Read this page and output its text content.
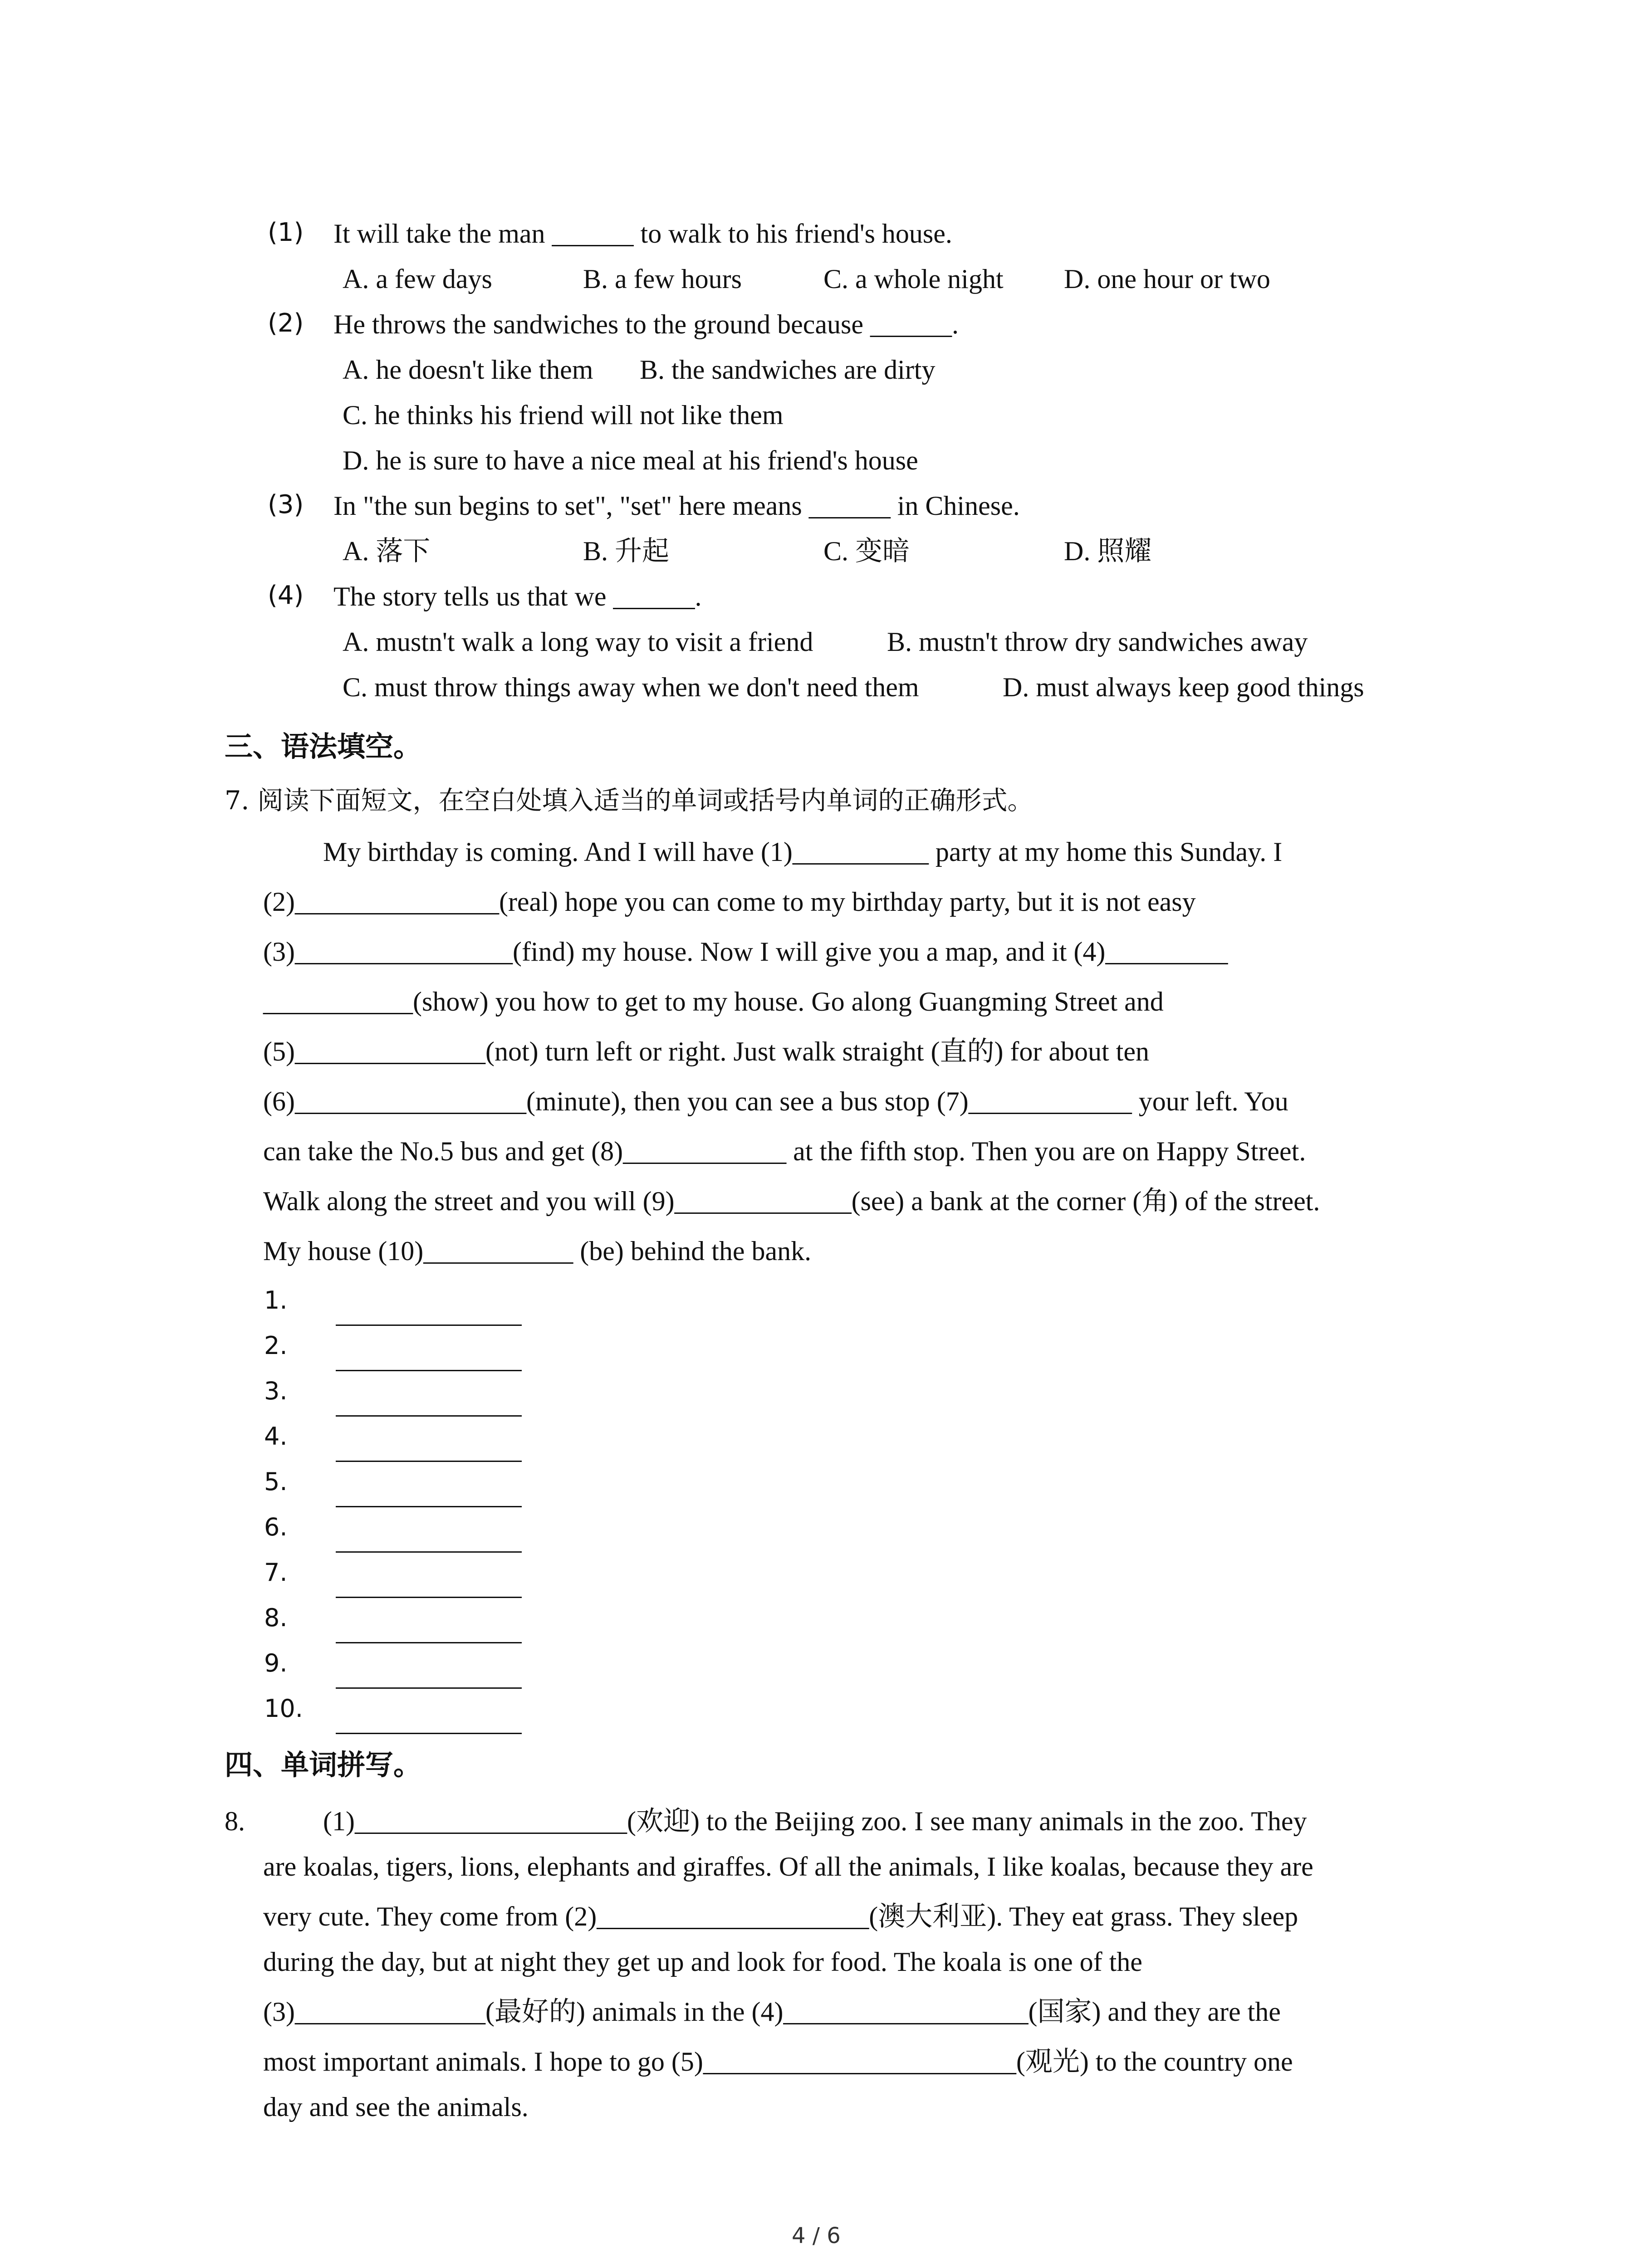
(1) It will take the man ______ to walk to his friend's house.
A. a few days	B. a few hours	C. a whole night D. one hour or two
(2) He throws the sandwiches to the ground because ______.
A. he doesn't like them B. the sandwiches are dirty
C. he thinks his friend will not like them
D. he is sure to have a nice meal at his friend's house
(3) In "the sun begins to set", "set" here means ______ in Chinese.
A. 落下	B. 升起	C. 变暗	D. 照耀
(4) The story tells us that we ______.
A. mustn't walk a long way to visit a friend	B. mustn't throw dry sandwiches away
C. must throw things away when we don't need them	D. must always keep good things
三、语法填空。
7. 阅读下面短文，在空白处填入适当的单词或括号内单词的正确形式。
My birthday is coming. And I will have (1)__________ party at my home this Sunday. I
(2)_______________(real) hope you can come to my birthday party, but it is not easy
(3)________________(find) my house. Now I will give you a map, and it (4)_________
___________(show) you how to get to my house. Go along Guangming Street and
(5)______________(not) turn left or right. Just walk straight (直的) for about ten
(6)_________________(minute), then you can see a bus stop (7)____________ your left. You
can take the No.5 bus and get (8)____________ at the fifth stop. Then you are on Happy Street.
Walk along the street and you will (9)_____________(see) a bank at the corner (角) of the street.
My house (10)___________ (be) behind the bank.
1.
2.
3.
4.
5.
6.
7.
8.
9.
10.
四、单词拼写。
8.	(1)____________________(欢迎) to the Beijing zoo. I see many animals in the zoo. They
are koalas, tigers, lions, elephants and giraffes. Of all the animals, I like koalas, because they are
very cute. They come from (2)____________________(澳大利亚). They eat grass. They sleep
during the day, but at night they get up and look for food. The koala is one of the
(3)______________(最好的) animals in the (4)__________________(国家) and they are the
most important animals. I hope to go (5)_______________________(观光) to the country one
day and see the animals.
4 / 6
